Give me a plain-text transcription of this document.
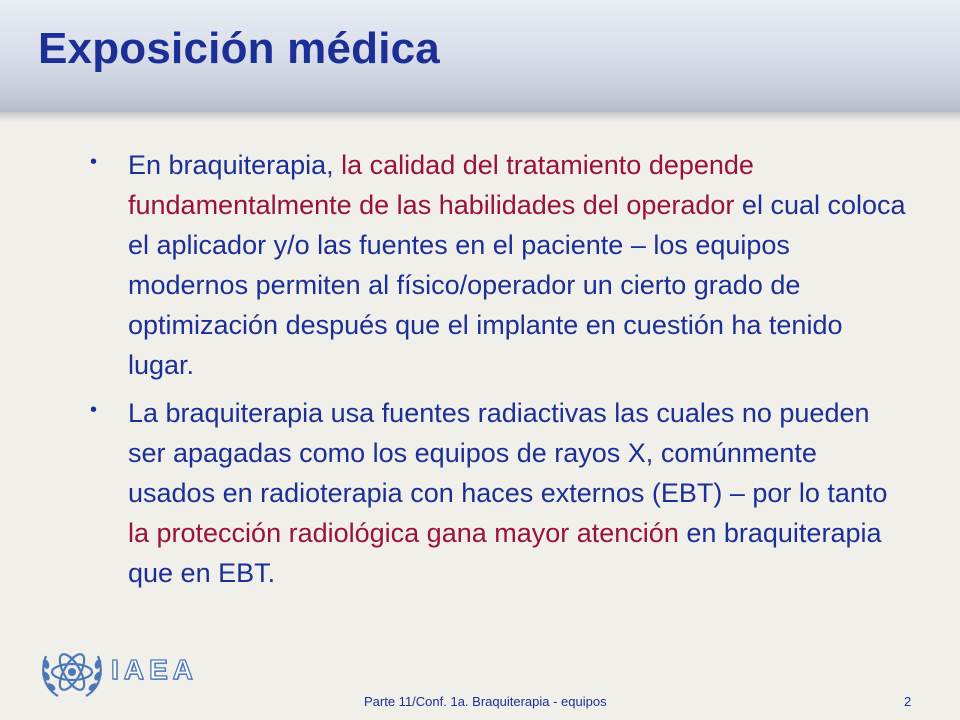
Exposición médica
• En braquiterapia, la calidad del tratamiento depende fundamentalmente de las habilidades del operador el cual coloca el aplicador y/o las fuentes en el paciente – los equipos modernos permiten al físico/operador un cierto grado de optimización después que el implante en cuestión ha tenido lugar.
• La braquiterapia usa fuentes radiactivas las cuales no pueden ser apagadas como los equipos de rayos X, comúnmente usados en radioterapia con haces externos (EBT) – por lo tanto la protección radiológica gana mayor atención en braquiterapia que en EBT.
IAEA
Parte 11/Conf. 1a. Braquiterapia - equipos	2
